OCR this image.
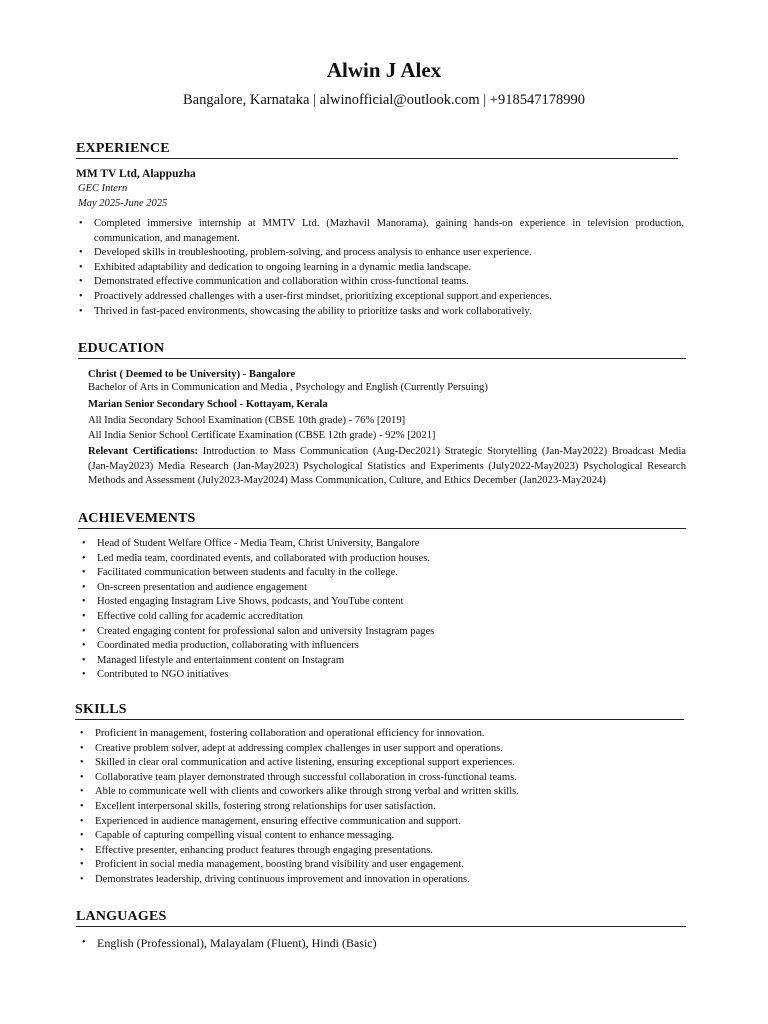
Alwin J Alex
Bangalore, Karnataka | alwinofficial@outlook.com | +918547178990
EXPERIENCE
MM TV Ltd, Alappuzha
GEC Intern
May 2025-June 2025
• Completed immersive internship at MMTV Ltd. (Mazhavil Manorama), gaining hands-on experience in television production, communication, and management.
• Developed skills in troubleshooting, problem-solving, and process analysis to enhance user experience.
• Exhibited adaptability and dedication to ongoing learning in a dynamic media landscape.
• Demonstrated effective communication and collaboration within cross-functional teams.
• Proactively addressed challenges with a user-first mindset, prioritizing exceptional support and experiences.
• Thrived in fast-paced environments, showcasing the ability to prioritize tasks and work collaboratively.
EDUCATION
Christ ( Deemed to be University) - Bangalore
Bachelor of Arts in Communication and Media , Psychology and English (Currently Persuing)
Marian Senior Secondary School - Kottayam, Kerala
All India Secondary School Examination (CBSE 10th grade) - 76% [2019]
All India Senior School Certificate Examination (CBSE 12th grade) - 92% [2021]
Relevant Certifications: Introduction to Mass Communication (Aug-Dec2021) Strategic Storytelling (Jan-May2022) Broadcast Media (Jan-May2023) Media Research (Jan-May2023) Psychological Statistics and Experiments (July2022-May2023) Psychological Research Methods and Assessment (July2023-May2024) Mass Communication, Culture, and Ethics December (Jan2023-May2024)
ACHIEVEMENTS
• Head of Student Welfare Office - Media Team, Christ University, Bangalore
• Led media team, coordinated events, and collaborated with production houses.
• Facilitated communication between students and faculty in the college.
• On-screen presentation and audience engagement
• Hosted engaging Instagram Live Shows, podcasts, and YouTube content
• Effective cold calling for academic accreditation
• Created engaging content for professional salon and university Instagram pages
• Coordinated media production, collaborating with influencers
• Managed lifestyle and entertainment content on Instagram
• Contributed to NGO initiatives
SKILLS
• Proficient in management, fostering collaboration and operational efficiency for innovation.
• Creative problem solver, adept at addressing complex challenges in user support and operations.
• Skilled in clear oral communication and active listening, ensuring exceptional support experiences.
• Collaborative team player demonstrated through successful collaboration in cross-functional teams.
• Able to communicate well with clients and coworkers alike through strong verbal and written skills.
• Excellent interpersonal skills, fostering strong relationships for user satisfaction.
• Experienced in audience management, ensuring effective communication and support.
• Capable of capturing compelling visual content to enhance messaging.
• Effective presenter, enhancing product features through engaging presentations.
• Proficient in social media management, boosting brand visibility and user engagement.
• Demonstrates leadership, driving continuous improvement and innovation in operations.
LANGUAGES
• English (Professional), Malayalam (Fluent), Hindi (Basic)
